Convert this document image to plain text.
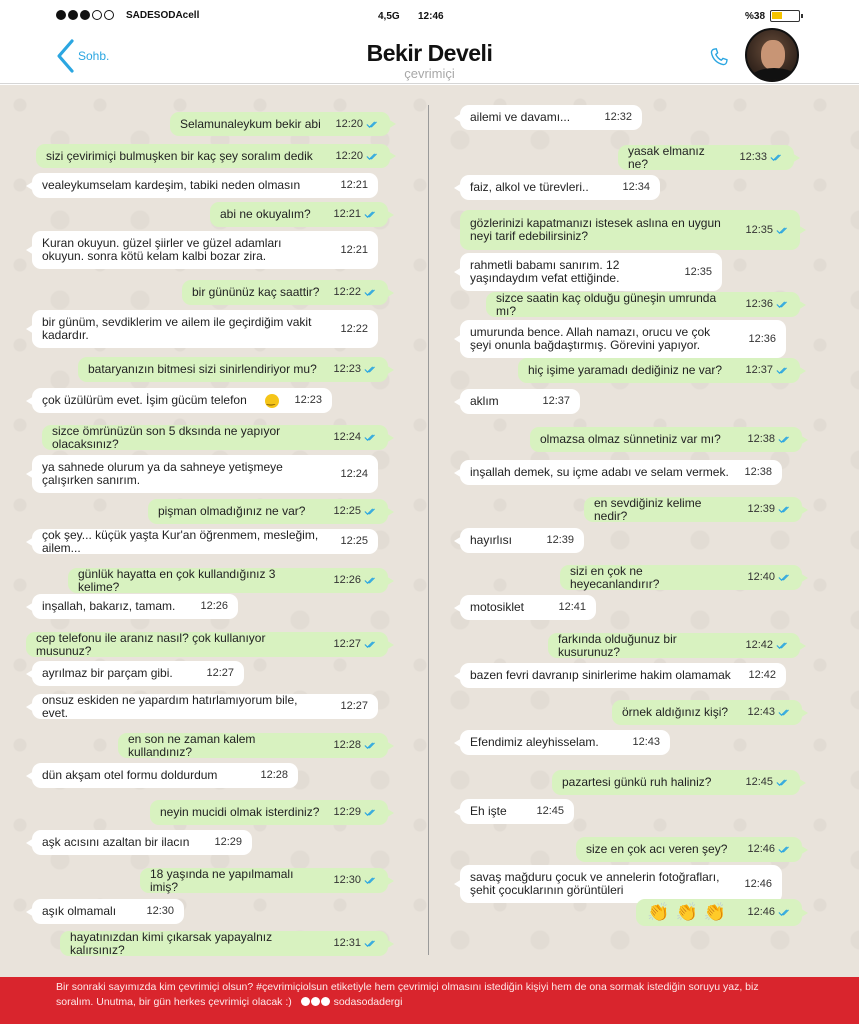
SADESODAcell	4,5G 12:46	%38
Sohb.	Bekir Develi
çevrimiçi
Selamunaleykum bekir abi 12:20
sizi çevirimiçi bulmuşken bir kaç şey soralım dedik	12:20
vealeykumselam kardeşim, tabiki neden olmasın	12:21
abi ne okuyalım?	12:21
Kuran okuyun. güzel şiirler ve güzel adamları okuyun. sonra kötü kelam kalbi bozar zira.	12:21
bir gününüz kaç saattir? 12:22
bir günüm, sevdiklerim ve ailem ile geçirdiğim vakit kadardır.	12:22
bataryanızın bitmesi sizi sinirlendiriyor mu? 12:23
çok üzülürüm evet. İşim gücüm telefon‿	12:23
sizce ömrünüzün son 5 dksında ne yapıyor olacaksınız?	12:24
ya sahnede olurum ya da sahneye yetişmeye çalışırken sanırım.	12:24
pişman olmadığınız ne var?	12:25
çok şey... küçük yaşta Kur'an öğrenmem, mesleğim, ailem...	12:25
günlük hayatta en çok kullandığınız 3 kelime?	12:26
inşallah, bakarız, tamam.	12:26
cep telefonu ile aranız nasıl? çok kullanıyor musunuz?	12:27
ayrılmaz bir parçam gibi.	12:27
onsuz eskiden ne yapardım hatırlamıyorum bile, evet.	12:27
en son ne zaman kalem kullandınız?	12:28
dün akşam otel formu doldurdum	12:28
neyin mucidi olmak isterdiniz? 12:29
aşk acısını azaltan bir ilacın	12:29
18 yaşında ne yapılmamalı imiş?	12:30
aşık olmamalı	12:30
hayatınızdan kimi çıkarsak yapayalnız kalırsınız?	12:31
ailemi ve davamı...	12:32
yasak elmanız ne?	12:33
faiz, alkol ve türevleri..	12:34
gözlerinizi kapatmanızı istesek aslına en uygun neyi tarif edebilirsiniz?	12:35
rahmetli babamı sanırım. 12 yaşındaydım vefat ettiğinde.	12:35
sizce saatin kaç olduğu güneşin umrunda mı?	12:36
umurunda bence. Allah namazı, orucu ve çok şeyi onunla bağdaştırmış. Görevini yapıyor.	12:36
hiç işime yaramadı dediğiniz ne var?	12:37
aklım	12:37
olmazsa olmaz sünnetiniz var mı?	12:38
inşallah demek, su içme adabı ve selam vermek. 12:38
en sevdiğiniz kelime nedir?	12:39
hayırlısı	12:39
sizi en çok ne heyecanlandırır?	12:40
motosiklet	12:41
farkında olduğunuz bir kusurunuz?	12:42
bazen fevri davranıp sinirlerime hakim olamamak	12:42
örnek aldığınız kişi?	12:43
Efendimiz aleyhisselam.	12:43
pazartesi günkü ruh haliniz?	12:45
Eh işte	12:45
size en çok acı veren şey?	12:46
savaş mağduru çocuk ve annelerin fotoğrafları, şehit çocuklarının görüntüleri	12:46
👏👏👏 12:46
Bir sonraki sayımızda kim çevrimiçi olsun? #çevrimiçiolsun etiketiyle hem çevrimiçi olmasını istediğin kişiyi hem de ona sormak istediğin soruyu yaz, biz soralım. Unutma, bir gün herkes çevrimiçi olacak :)	sodasodadergi
